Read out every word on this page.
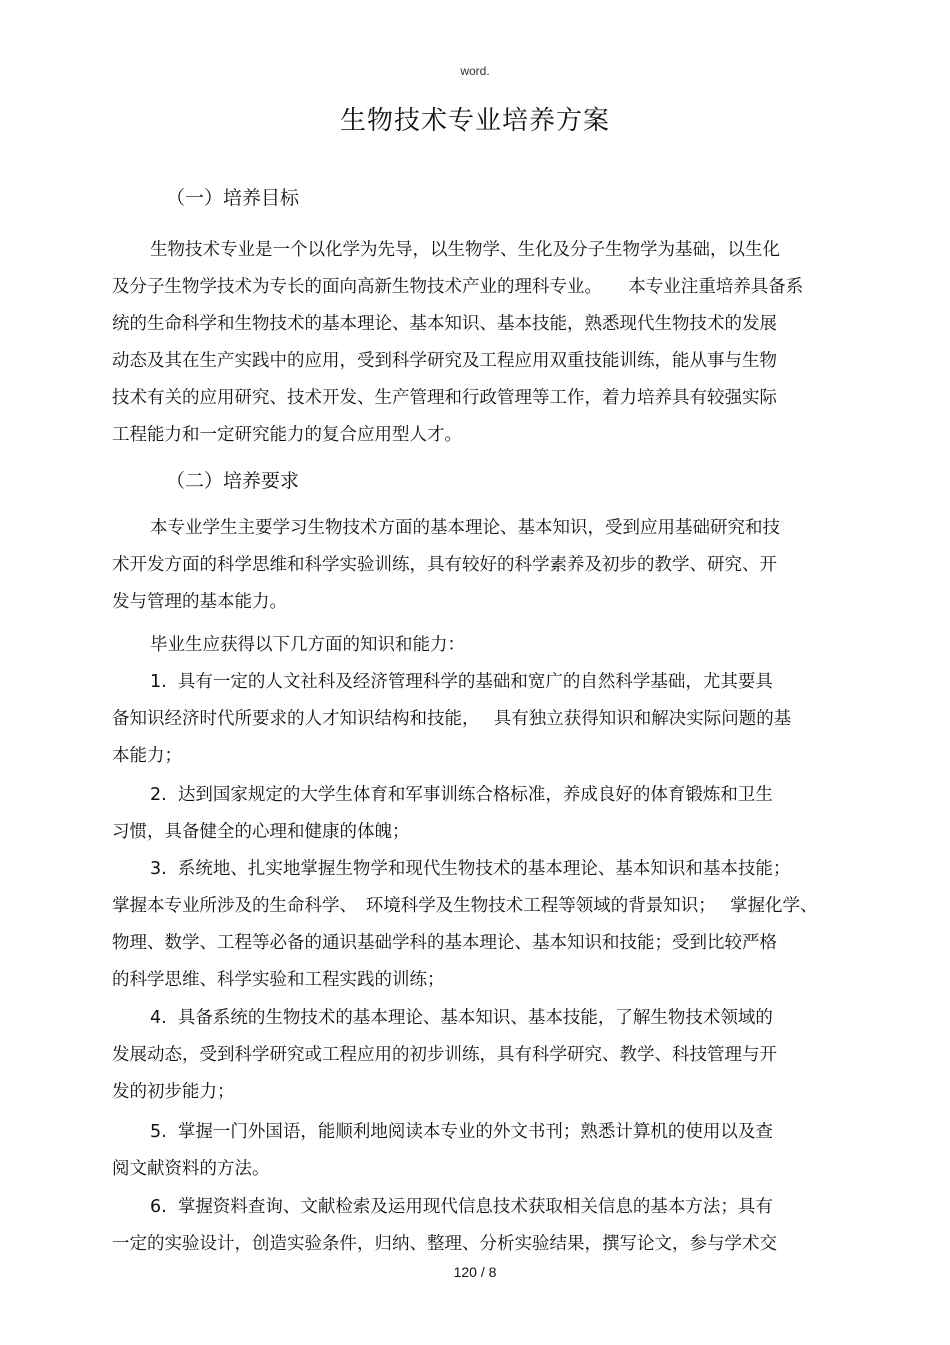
word.
生物技术专业培养方案
（一）培养目标
生物技术专业是一个以化学为先导，以生物学、生化及分子生物学为基础，以生化
及分子生物学技术为专长的面向高新生物技术产业的理科专业。　　本专业注重培养具备系
统的生命科学和生物技术的基本理论、基本知识、基本技能，熟悉现代生物技术的发展
动态及其在生产实践中的应用，受到科学研究及工程应用双重技能训练，能从事与生物
技术有关的应用研究、技术开发、生产管理和行政管理等工作，着力培养具有较强实际
工程能力和一定研究能力的复合应用型人才。
（二）培养要求
本专业学生主要学习生物技术方面的基本理论、基本知识，受到应用基础研究和技
术开发方面的科学思维和科学实验训练，具有较好的科学素养及初步的教学、研究、开
发与管理的基本能力。
毕业生应获得以下几方面的知识和能力：
1.  具有一定的人文社科及经济管理科学的基础和宽广的自然科学基础，尤其要具
备知识经济时代所要求的人才知识结构和技能，　 具有独立获得知识和解决实际问题的基
本能力；
2.  达到国家规定的大学生体育和军事训练合格标准，养成良好的体育锻炼和卫生
习惯，具备健全的心理和健康的体魄；
3.  系统地、扎实地掌握生物学和现代生物技术的基本理论、基本知识和基本技能；
掌握本专业所涉及的生命科学、　环境科学及生物技术工程等领域的背景知识；　 掌握化学、
物理、数学、工程等必备的通识基础学科的基本理论、基本知识和技能；受到比较严格
的科学思维、科学实验和工程实践的训练；
4.  具备系统的生物技术的基本理论、基本知识、基本技能，了解生物技术领域的
发展动态，受到科学研究或工程应用的初步训练，具有科学研究、教学、科技管理与开
发的初步能力；
5.  掌握一门外国语，能顺利地阅读本专业的外文书刊；熟悉计算机的使用以及查
阅文献资料的方法。
6.  掌握资料查询、文献检索及运用现代信息技术获取相关信息的基本方法；具有
一定的实验设计，创造实验条件，归纳、整理、分析实验结果，撰写论文，参与学术交
120 / 8
